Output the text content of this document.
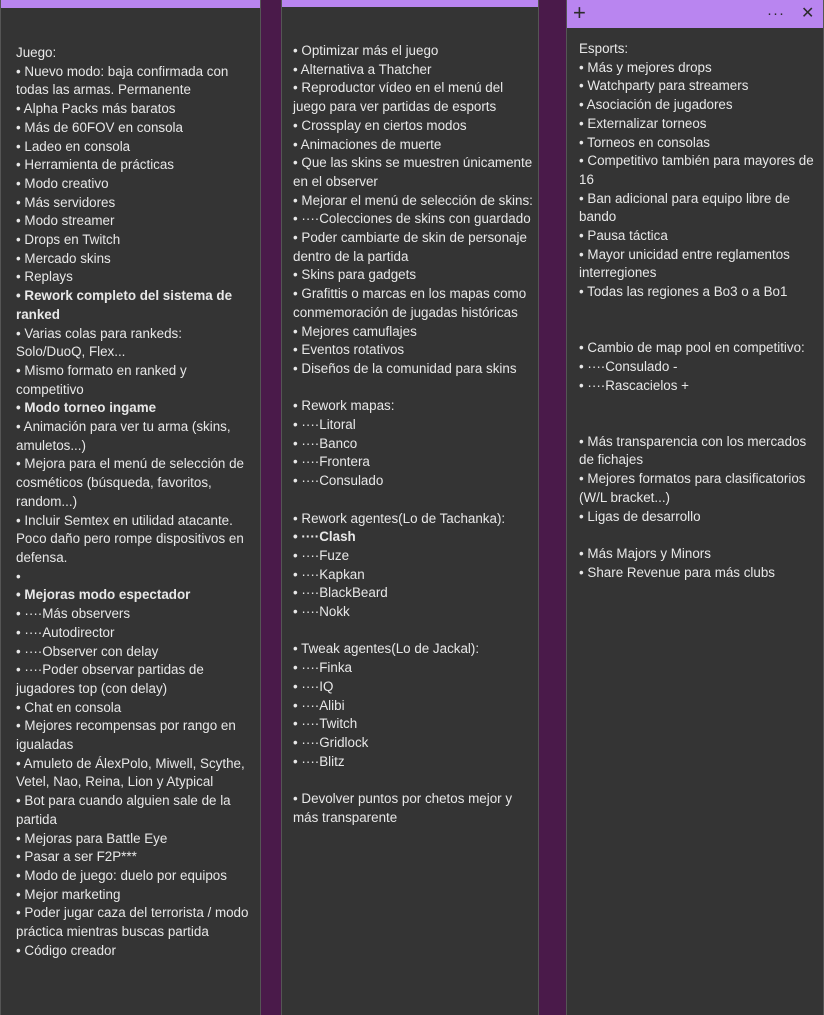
Juego:
• Nuevo modo: baja confirmada con todas las armas. Permanente
• Alpha Packs más baratos
• Más de 60FOV en consola
• Ladeo en consola
• Herramienta de prácticas
• Modo creativo
• Más servidores
• Modo streamer
• Drops en Twitch
• Mercado skins
• Replays
• Rework completo del sistema de ranked
• Varias colas para rankeds: Solo/DuoQ, Flex...
• Mismo formato en ranked y competitivo
• Modo torneo ingame
• Animación para ver tu arma (skins, amuletos...)
• Mejora para el menú de selección de cosméticos (búsqueda, favoritos, random...)
• Incluir Semtex en utilidad atacante. Poco daño pero rompe dispositivos en defensa.
•
• Mejoras modo espectador
• ····Más observers
• ····Autodirector
• ····Observer con delay
• ····Poder observar partidas de jugadores top (con delay)
• Chat en consola
• Mejores recompensas por rango en igualadas
• Amuleto de ÁlexPolo, Miwell, Scythe, Vetel, Nao, Reina, Lion y Atypical
• Bot para cuando alguien sale de la partida
• Mejoras para Battle Eye
• Pasar a ser F2P***
• Modo de juego: duelo por equipos
• Mejor marketing
• Poder jugar caza del terrorista / modo práctica mientras buscas partida
• Código creador
• Optimizar más el juego
• Alternativa a Thatcher
• Reproductor vídeo en el menú del juego para ver partidas de esports
• Crossplay en ciertos modos
• Animaciones de muerte
• Que las skins se muestren únicamente en el observer
• Mejorar el menú de selección de skins:
• ····Colecciones de skins con guardado
• Poder cambiarte de skin de personaje dentro de la partida
• Skins para gadgets
• Grafittis o marcas en los mapas como conmemoración de jugadas históricas
• Mejores camuflajes
• Eventos rotativos
• Diseños de la comunidad para skins
• Rework mapas:
• ····Litoral
• ····Banco
• ····Frontera
• ····Consulado
• Rework agentes(Lo de Tachanka):
• ····Clash
• ····Fuze
• ····Kapkan
• ····BlackBeard
• ····Nokk
• Tweak agentes(Lo de Jackal):
• ····Finka
• ····IQ
• ····Alibi
• ····Twitch
• ····Gridlock
• ····Blitz
• Devolver puntos por chetos mejor y más transparente
+	··· ✕
Esports:
• Más y mejores drops
• Watchparty para streamers
• Asociación de jugadores
• Externalizar torneos
• Torneos en consolas
• Competitivo también para mayores de 16
• Ban adicional para equipo libre de bando
• Pausa táctica
• Mayor unicidad entre reglamentos interregiones
• Todas las regiones a Bo3 o a Bo1
• Cambio de map pool en competitivo:
• ····Consulado -
• ····Rascacielos +
• Más transparencia con los mercados de fichajes
• Mejores formatos para clasificatorios (W/L bracket...)
• Ligas de desarrollo
• Más Majors y Minors
• Share Revenue para más clubs
